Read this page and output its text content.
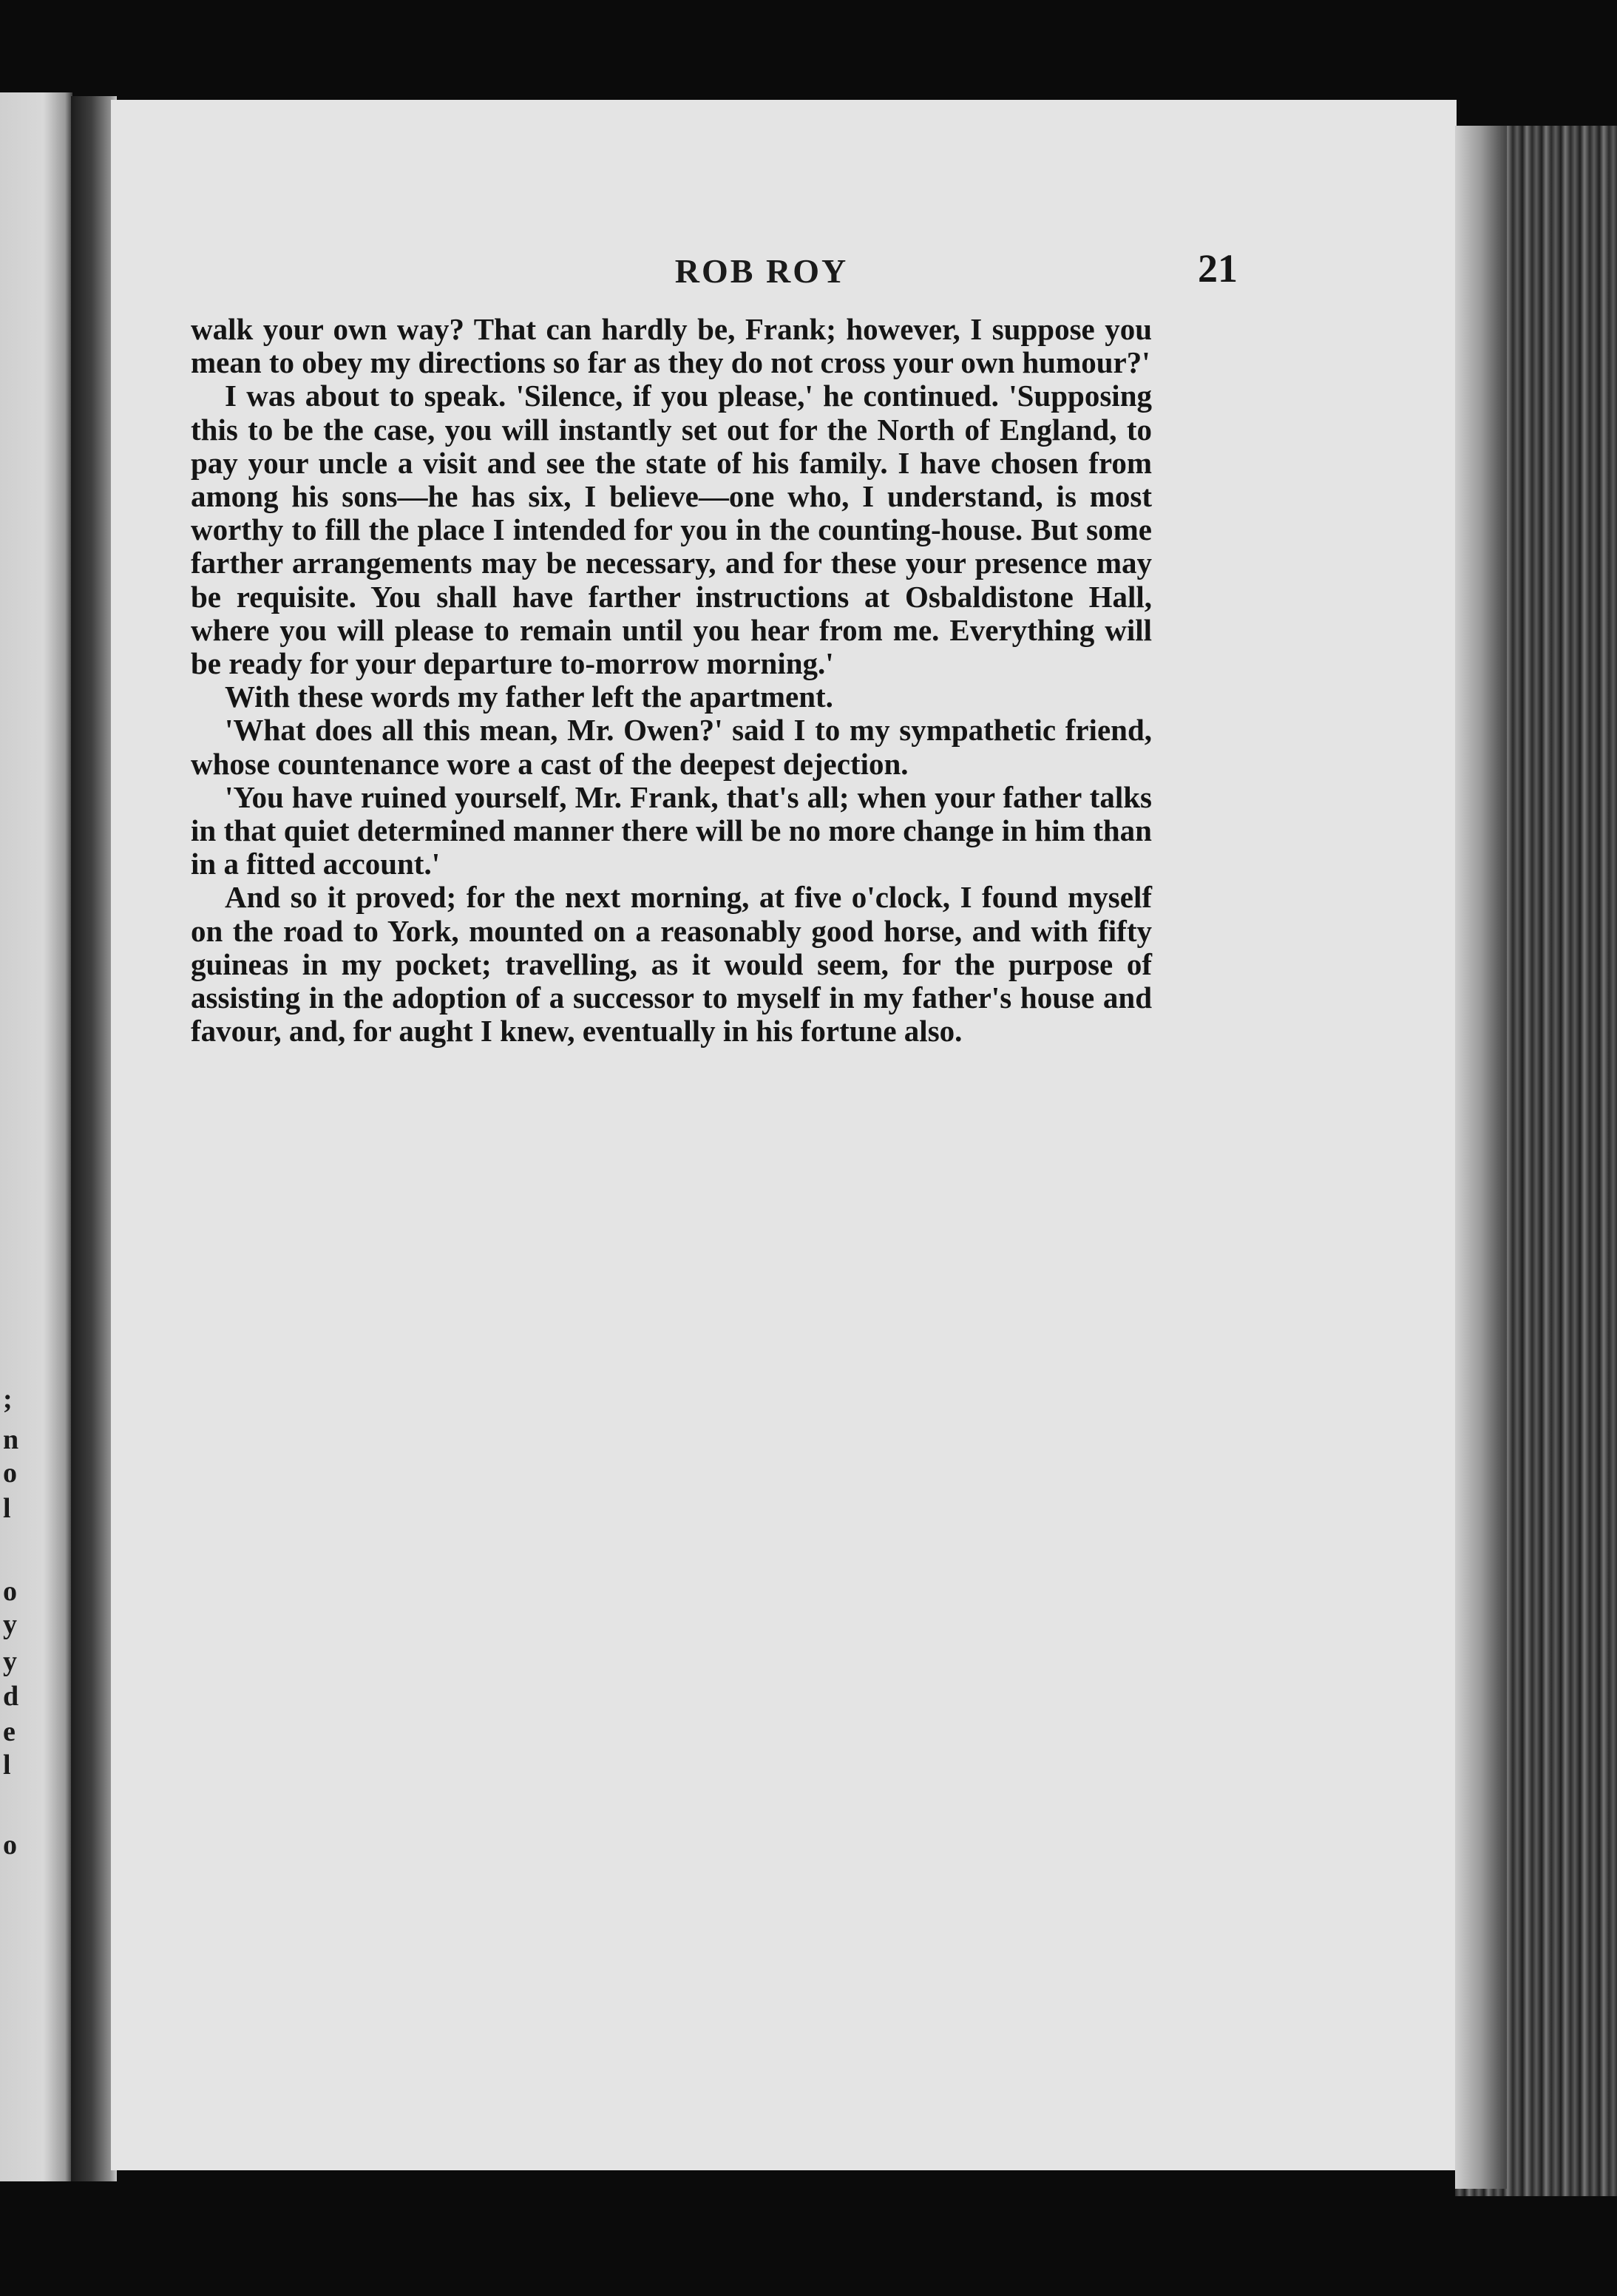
;
n
o
l
o
y
y
d
e
l
o
ROB ROY	21

walk your own way? That can hardly be, Frank; however, I suppose you mean to obey my directions so far as they do not cross your own humour?'

I was about to speak. 'Silence, if you please,' he continued. 'Supposing this to be the case, you will instantly set out for the North of England, to pay your uncle a visit and see the state of his family. I have chosen from among his sons—he has six, I believe—one who, I understand, is most worthy to fill the place I intended for you in the counting-house. But some farther arrangements may be necessary, and for these your presence may be requisite. You shall have farther instructions at Osbaldistone Hall, where you will please to remain until you hear from me. Everything will be ready for your departure to-morrow morning.'

With these words my father left the apartment.

'What does all this mean, Mr. Owen?' said I to my sympathetic friend, whose countenance wore a cast of the deepest dejection.

'You have ruined yourself, Mr. Frank, that's all; when your father talks in that quiet determined manner there will be no more change in him than in a fitted account.'

And so it proved; for the next morning, at five o'clock, I found myself on the road to York, mounted on a reasonably good horse, and with fifty guineas in my pocket; travelling, as it would seem, for the purpose of assisting in the adoption of a successor to myself in my father's house and favour, and, for aught I knew, eventually in his fortune also.
